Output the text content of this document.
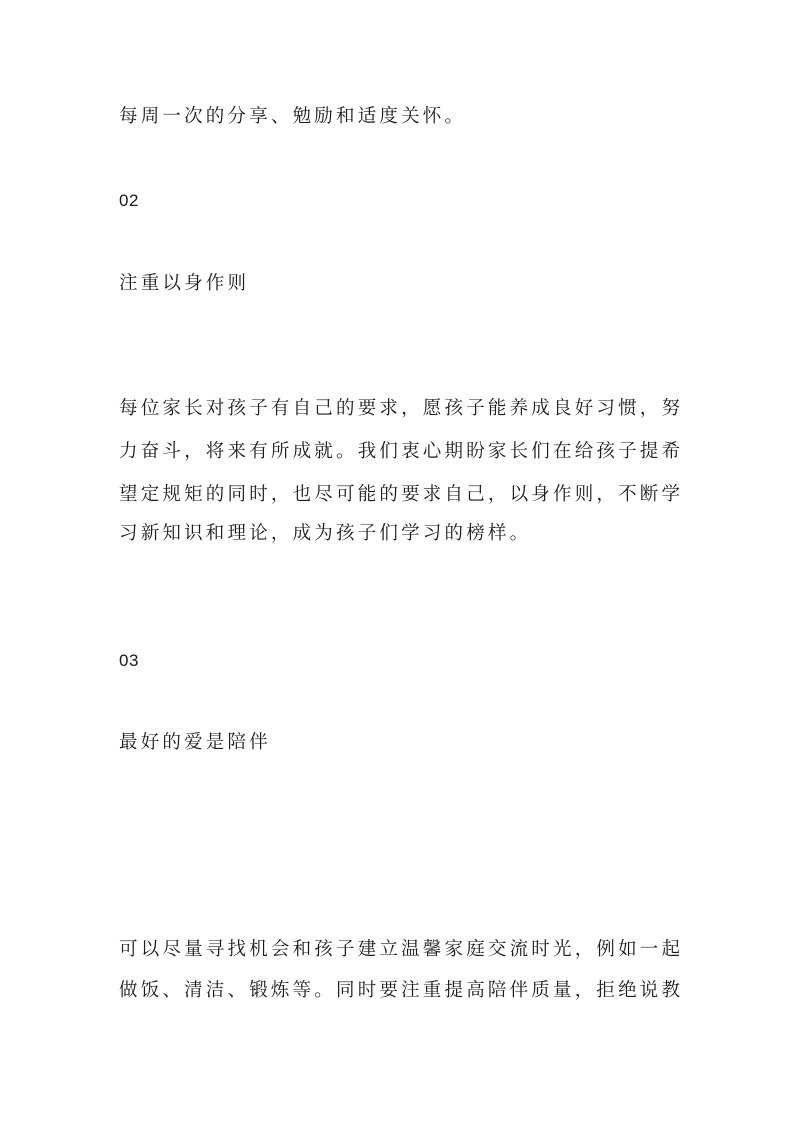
每周一次的分享、勉励和适度关怀。
02
注重以身作则
每位家长对孩子有自己的要求，愿孩子能养成良好习惯，努
力奋斗，将来有所成就。我们衷心期盼家长们在给孩子提希
望定规矩的同时，也尽可能的要求自己，以身作则，不断学
习新知识和理论，成为孩子们学习的榜样。
03
最好的爱是陪伴
可以尽量寻找机会和孩子建立温馨家庭交流时光，例如一起
做饭、清洁、锻炼等。同时要注重提高陪伴质量，拒绝说教
